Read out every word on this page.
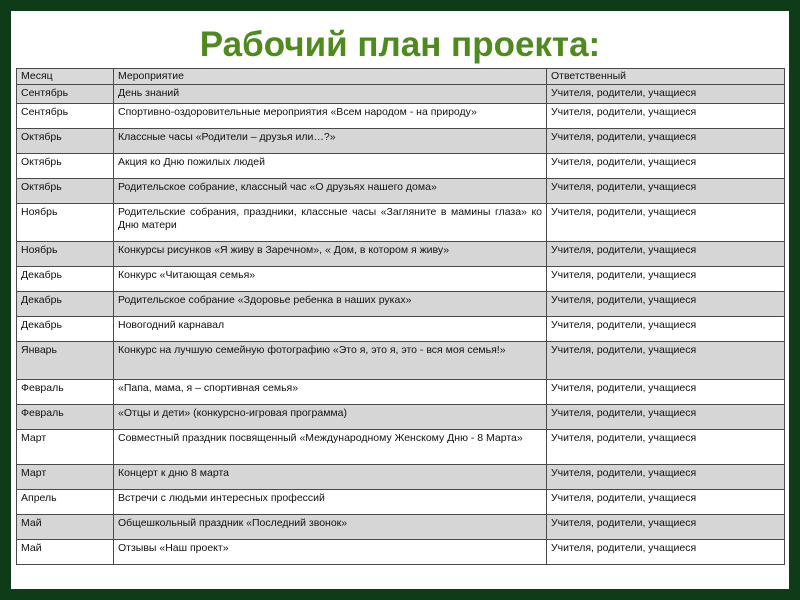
Рабочий план проекта:
Месяц	Мероприятие	Ответственный
Сентябрь	День знаний	Учителя, родители, учащиеся
Сентябрь	Спортивно-оздоровительные мероприятия «Всем народом - на природу»	Учителя, родители, учащиеся
Октябрь	Классные часы «Родители – друзья или…?»	Учителя, родители, учащиеся
Октябрь	Акция ко Дню пожилых людей	Учителя, родители, учащиеся
Октябрь	Родительское собрание, классный час «О друзьях нашего дома»	Учителя, родители, учащиеся
Ноябрь	Родительские собрания, праздники, классные часы «Загляните в мамины глаза» ко Дню матери	Учителя, родители, учащиеся
Ноябрь	Конкурсы рисунков «Я живу в Заречном», « Дом, в котором я живу»	Учителя, родители, учащиеся
Декабрь	Конкурс «Читающая семья»	Учителя, родители, учащиеся
Декабрь	Родительское собрание «Здоровье ребенка в наших руках»	Учителя, родители, учащиеся
Декабрь	Новогодний карнавал	Учителя, родители, учащиеся
Январь	Конкурс на лучшую семейную фотографию «Это я, это я, это - вся моя семья!»	Учителя, родители, учащиеся
Февраль	«Папа, мама, я – спортивная семья»	Учителя, родители, учащиеся
Февраль	«Отцы и дети» (конкурсно-игровая программа)	Учителя, родители, учащиеся
Март	Совместный праздник посвященный «Международному Женскому Дню - 8 Марта»	Учителя, родители, учащиеся
Март	Концерт к дню 8 марта	Учителя, родители, учащиеся
Апрель	Встречи с людьми интересных профессий	Учителя, родители, учащиеся
Май	Общешкольный праздник «Последний звонок»	Учителя, родители, учащиеся
Май	Отзывы «Наш проект»	Учителя, родители, учащиеся
